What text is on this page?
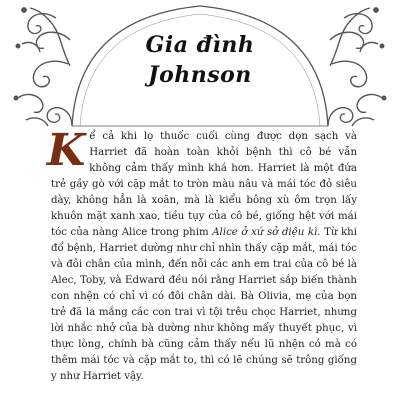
Gia đình
Johnson
Kể cả khi lọ thuốc cuối cùng được dọn sạch và Harriet đã hoàn toàn khỏi bệnh thì cô bé vẫn không cảm thấy mình khá hơn. Harriet là một đứa trẻ gầy gò với cặp mắt to tròn màu nâu và mái tóc đỏ siêu dày, không hẳn là xoăn, mà là kiểu bông xù ôm trọn lấy khuôn mặt xanh xao, tiều tụy của cô bé, giống hệt với mái tóc của nàng Alice trong phim Alice ở xứ sở diệu kì. Từ khi đổ bệnh, Harriet dường như chỉ nhìn thấy cặp mắt, mái tóc và đôi chân của mình, đến nỗi các anh em trai của cô bé là Alec, Toby, và Edward đều nói rằng Harriet sắp biến thành con nhện có chỉ vì có đôi chân dài. Bà Olivia, mẹ của bọn trẻ đã la mắng các con trai vì tội trêu chọc Harriet, nhưng lời nhắc nhở của bà dường như không mấy thuyết phục, vì thực lòng, chính bà cũng cảm thấy nếu lũ nhện có mà có thêm mái tóc và cặp mắt to, thì có lẽ chúng sẽ trông giống y như Harriet vậy.
